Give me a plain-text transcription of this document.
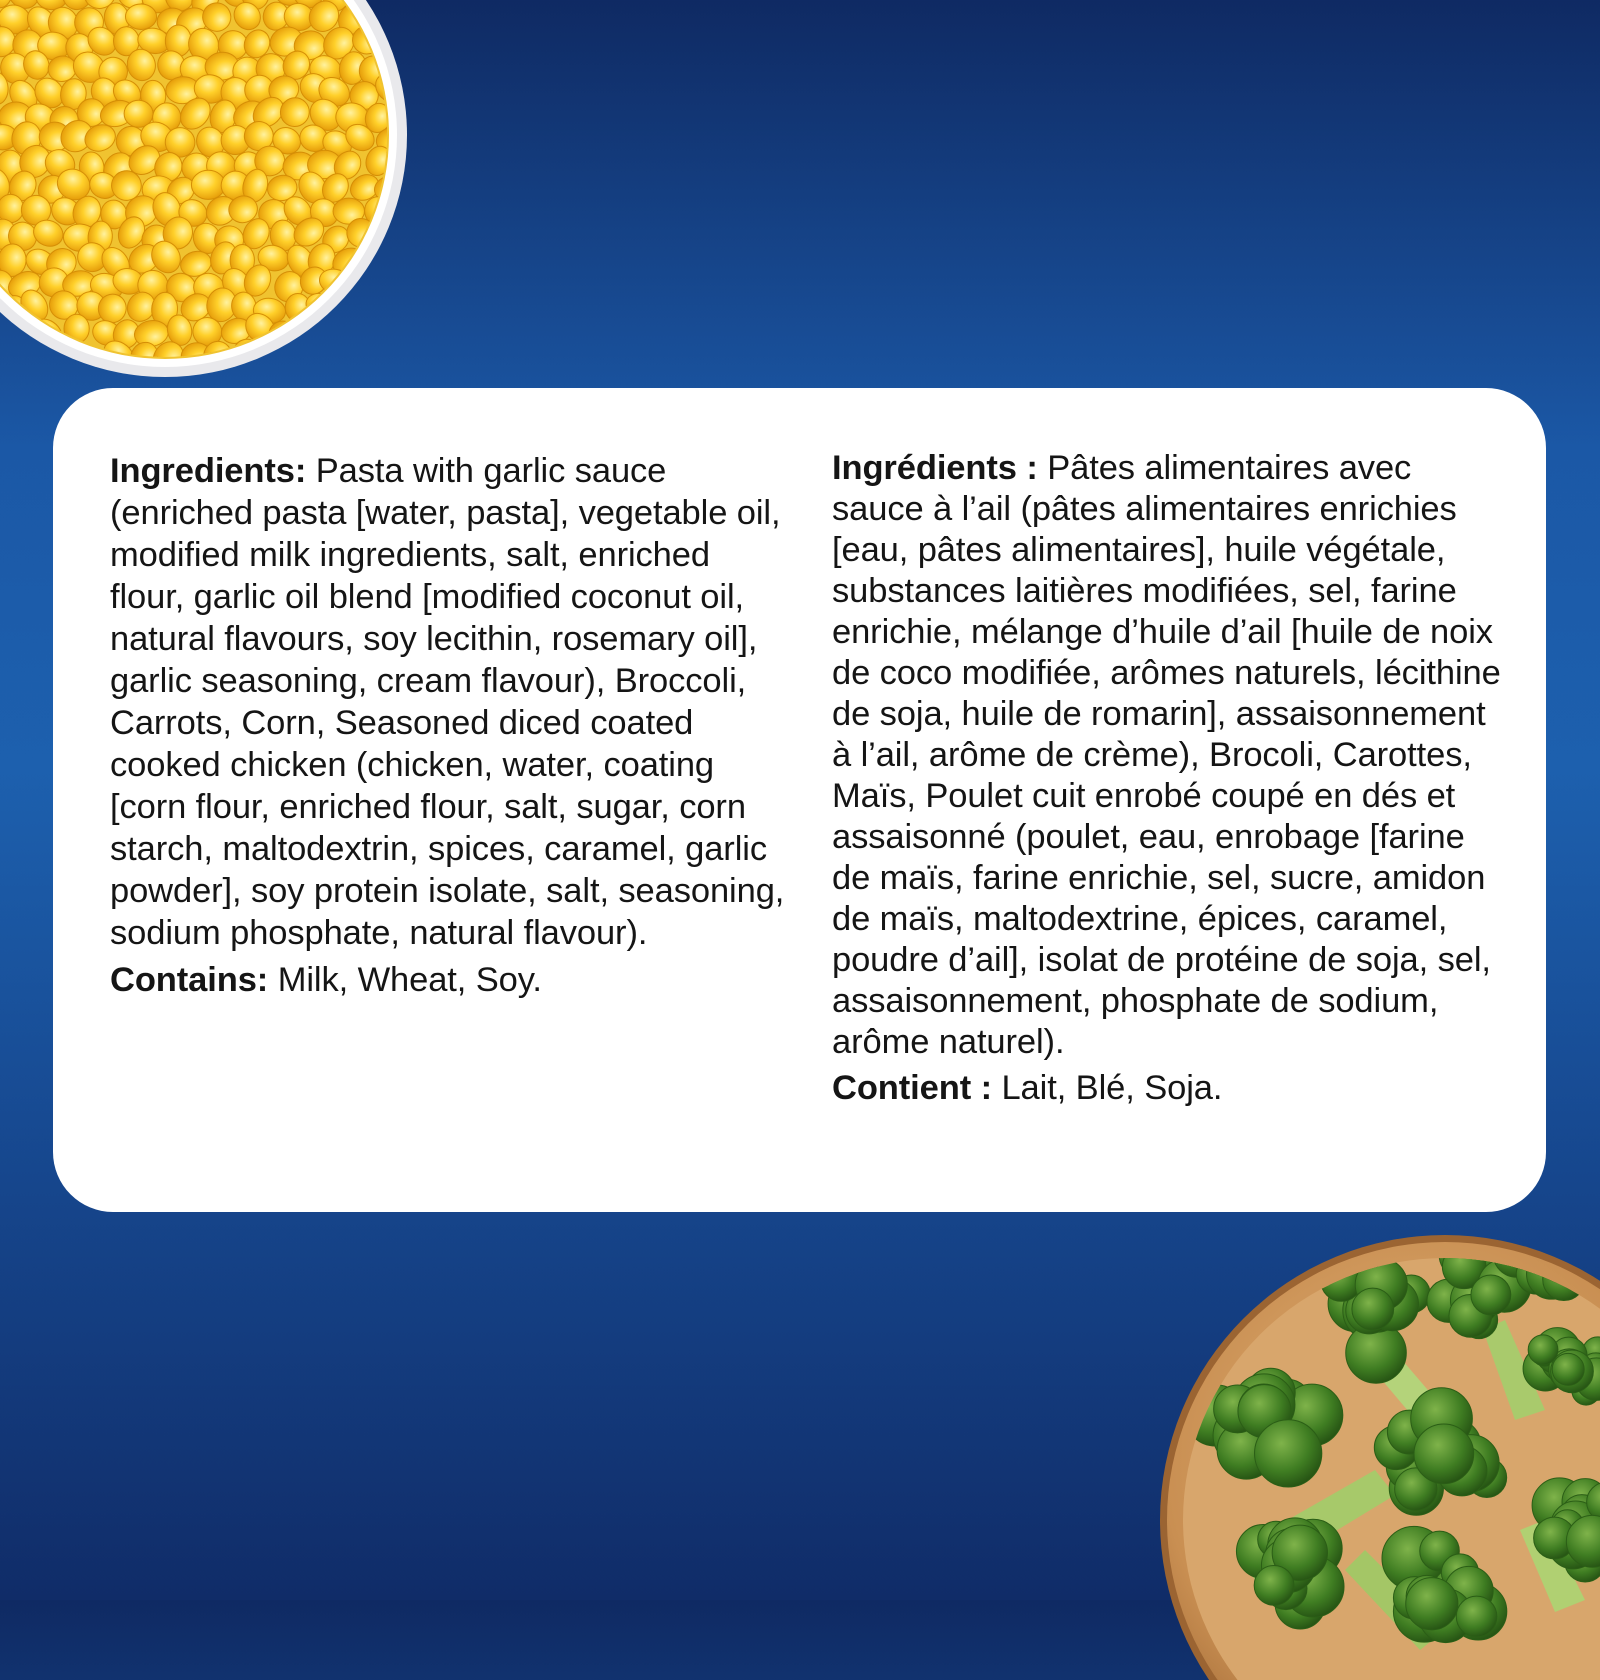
Ingredients: Pasta with garlic sauce (enriched pasta [water, pasta], vegetable oil, modified milk ingredients, salt, enriched flour, garlic oil blend [modified coconut oil, natural flavours, soy lecithin, rosemary oil], garlic seasoning, cream flavour), Broccoli, Carrots, Corn, Seasoned diced coated cooked chicken (chicken, water, coating [corn flour, enriched flour, salt, sugar, corn starch, maltodextrin, spices, caramel, garlic powder], soy protein isolate, salt, seasoning, sodium phosphate, natural flavour).

Contains: Milk, Wheat, Soy.

Ingrédients : Pâtes alimentaires avec sauce à l’ail (pâtes alimentaires enrichies [eau, pâtes alimentaires], huile végétale, substances laitières modifiées, sel, farine enrichie, mélange d’huile d’ail [huile de noix de coco modifiée, arômes naturels, lécithine de soja, huile de romarin], assaisonnement à l’ail, arôme de crème), Brocoli, Carottes, Maïs, Poulet cuit enrobé coupé en dés et assaisonné (poulet, eau, enrobage [farine de maïs, farine enrichie, sel, sucre, amidon de maïs, maltodextrine, épices, caramel, poudre d’ail], isolat de protéine de soja, sel, assaisonnement, phosphate de sodium, arôme naturel).

Contient : Lait, Blé, Soja.
